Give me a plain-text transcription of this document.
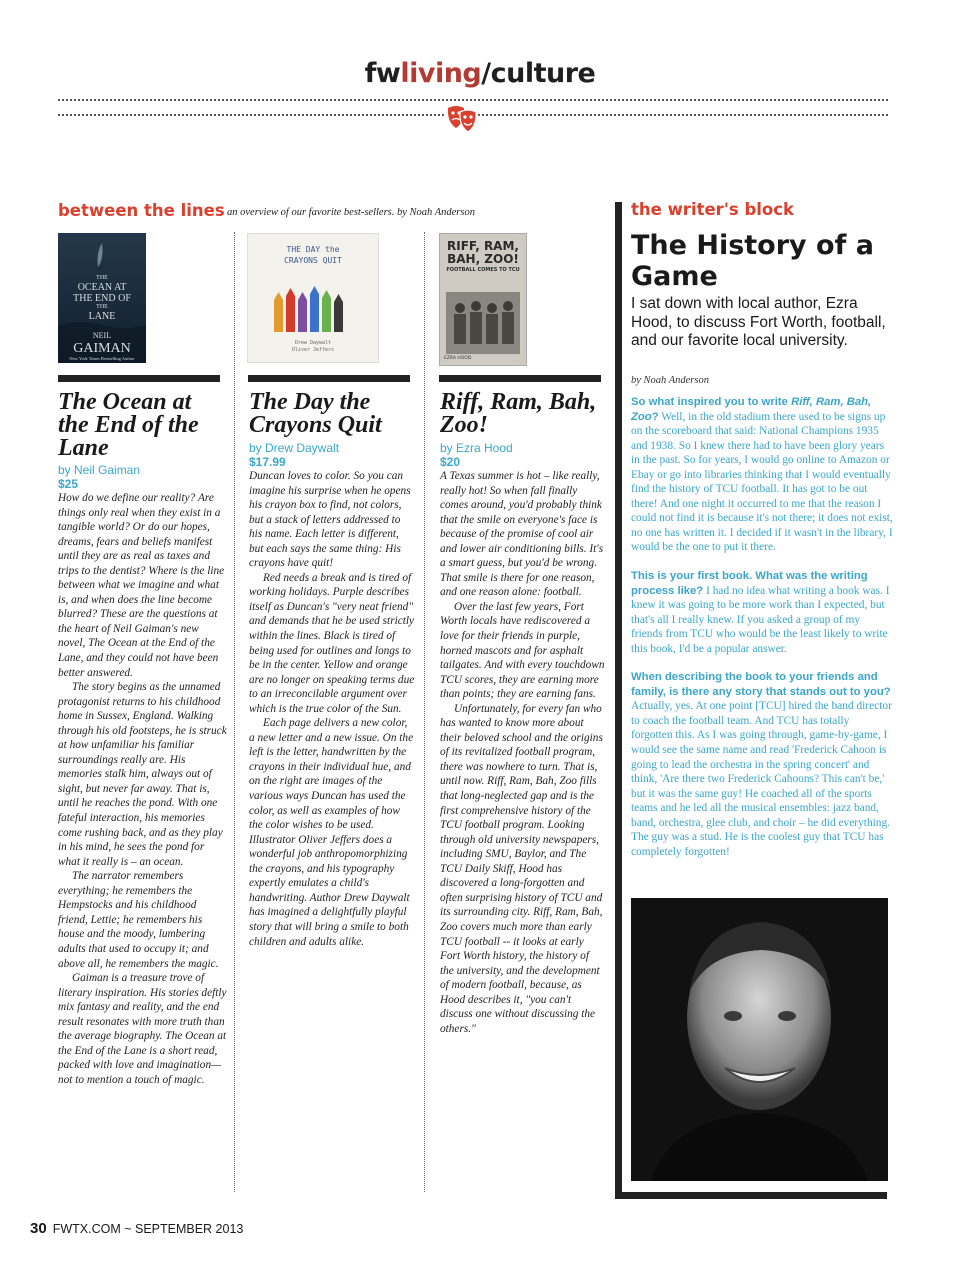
fwliving/culture
between the lines an overview of our favorite best-sellers. by Noah Anderson
THE
OCEAN AT
THE END OF
THE
LANE
NEIL
GAIMAN
New York Times Bestselling Author
The Ocean at the End of the Lane
by Neil Gaiman
$25

How do we define our reality? Are things only real when they exist in a tangible world? Or do our hopes, dreams, fears and beliefs manifest until they are as real as taxes and trips to the dentist? Where is the line between what we imagine and what is, and when does the line become blurred? These are the questions at the heart of Neil Gaiman's new novel, The Ocean at the End of the Lane, and they could not have been better answered.

The story begins as the unnamed protagonist returns to his childhood home in Sussex, England. Walking through his old footsteps, he is struck at how unfamiliar his familiar surroundings really are. His memories stalk him, always out of sight, but never far away. That is, until he reaches the pond. With one fateful interaction, his memories come rushing back, and as they play in his mind, he sees the pond for what it really is – an ocean.

The narrator remembers everything; he remembers the Hempstocks and his childhood friend, Lettie; he remembers his house and the moody, lumbering adults that used to occupy it; and above all, he remembers the magic.

Gaiman is a treasure trove of literary inspiration. His stories deftly mix fantasy and reality, and the end result resonates with more truth than the average biography. The Ocean at the End of the Lane is a short read, packed with love and imagination—not to mention a touch of magic.

THE DAY the
CRAYONS QUIT
Drew Daywalt
Oliver Jeffers
The Day the Crayons Quit
by Drew Daywalt
$17.99

Duncan loves to color. So you can imagine his surprise when he opens his crayon box to find, not colors, but a stack of letters addressed to his name. Each letter is different, but each says the same thing: His crayons have quit!

Red needs a break and is tired of working holidays. Purple describes itself as Duncan's "very neat friend" and demands that he be used strictly within the lines. Black is tired of being used for outlines and longs to be in the center. Yellow and orange are no longer on speaking terms due to an irreconcilable argument over which is the true color of the Sun.

Each page delivers a new color, a new letter and a new issue. On the left is the letter, handwritten by the crayons in their individual hue, and on the right are images of the various ways Duncan has used the color, as well as examples of how the color wishes to be used. Illustrator Oliver Jeffers does a wonderful job anthropomorphizing the crayons, and his typography expertly emulates a child's handwriting. Author Drew Daywalt has imagined a delightfully playful story that will bring a smile to both children and adults alike.

RIFF, RAM,
BAH, ZOO!
FOOTBALL COMES TO TCU
EZRA HOOD
Riff, Ram, Bah, Zoo!
by Ezra Hood
$20

A Texas summer is hot – like really, really hot! So when fall finally comes around, you'd probably think that the smile on everyone's face is because of the promise of cool air and lower air conditioning bills. It's a smart guess, but you'd be wrong. That smile is there for one reason, and one reason alone: football.

Over the last few years, Fort Worth locals have rediscovered a love for their friends in purple, horned mascots and for asphalt tailgates. And with every touchdown TCU scores, they are earning more than points; they are earning fans.

Unfortunately, for every fan who has wanted to know more about their beloved school and the origins of its revitalized football program, there was nowhere to turn. That is, until now. Riff, Ram, Bah, Zoo fills that long-neglected gap and is the first comprehensive history of the TCU football program. Looking through old university newspapers, including SMU, Baylor, and The TCU Daily Skiff, Hood has discovered a long-forgotten and often surprising history of TCU and its surrounding city. Riff, Ram, Bah, Zoo covers much more than early TCU football -- it looks at early Fort Worth history, the history of the university, and the development of modern football, because, as Hood describes it, "you can't discuss one without discussing the others."

the writer's block
The History of a Game
I sat down with local author, Ezra Hood, to discuss Fort Worth, football, and our favorite local university.
by Noah Anderson

So what inspired you to write Riff, Ram, Bah, Zoo? Well, in the old stadium there used to be signs up on the scoreboard that said: National Champions 1935 and 1938. So I knew there had to have been glory years in the past. So for years, I would go online to Amazon or Ebay or go into libraries thinking that I would eventually find the history of TCU football. It has got to be out there! And one night it occurred to me that the reason I could not find it is because it's not there; it does not exist, no one has written it. I decided if it wasn't in the library, I would be the one to put it there.

This is your first book. What was the writing process like? I had no idea what writing a book was. I knew it was going to be more work than I expected, but that's all I really knew. If you asked a group of my friends from TCU who would be the least likely to write this book, I'd be a popular answer.

When describing the book to your friends and family, is there any story that stands out to you? Actually, yes. At one point [TCU] hired the band director to coach the football team. And TCU has totally forgotten this. As I was going through, game-by-game, I would see the same name and read 'Frederick Cahoon is going to lead the orchestra in the spring concert' and think, 'Are there two Frederick Cahoons? This can't be,' but it was the same guy! He coached all of the sports teams and he led all the musical ensembles: jazz band, band, orchestra, glee club, and choir – he did everything. The guy was a stud. He is the coolest guy that TCU has completely forgotten!

30 FWTX.COM ~ SEPTEMBER 2013
